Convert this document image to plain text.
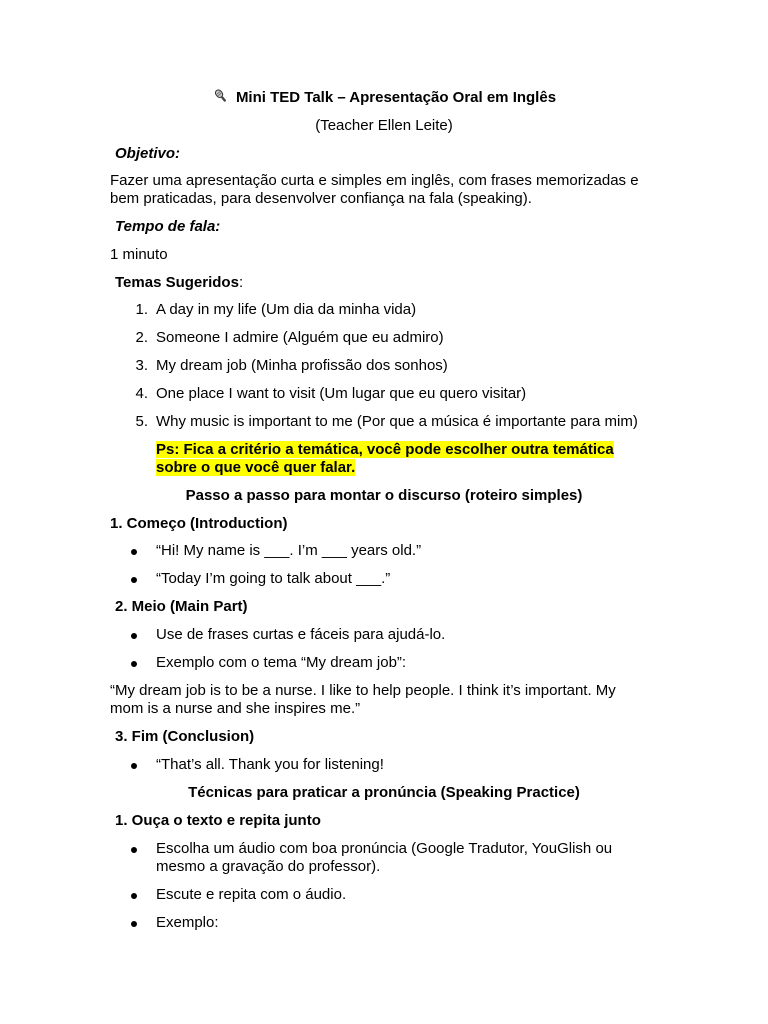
Mini TED Talk – Apresentação Oral em Inglês
(Teacher Ellen Leite)
Objetivo:
Fazer uma apresentação curta e simples em inglês, com frases memorizadas e bem praticadas, para desenvolver confiança na fala (speaking).
Tempo de fala:
1 minuto
Temas Sugeridos:
1. A day in my life (Um dia da minha vida)
2. Someone I admire (Alguém que eu admiro)
3. My dream job (Minha profissão dos sonhos)
4. One place I want to visit (Um lugar que eu quero visitar)
5. Why music is important to me (Por que a música é importante para mim)
Ps: Fica a critério a temática, você pode escolher outra temática
sobre o que você quer falar.
Passo a passo para montar o discurso (roteiro simples)
1. Começo (Introduction)
“Hi! My name is ___. I’m ___ years old.”
“Today I’m going to talk about ___.”
2. Meio (Main Part)
Use de frases curtas e fáceis para ajudá-lo.
Exemplo com o tema “My dream job”:
“My dream job is to be a nurse. I like to help people. I think it’s important. My mom is a nurse and she inspires me.”
3. Fim (Conclusion)
“That’s all. Thank you for listening!
Técnicas para praticar a pronúncia (Speaking Practice)
1. Ouça o texto e repita junto
Escolha um áudio com boa pronúncia (Google Tradutor, YouGlish ou mesmo a gravação do professor).
Escute e repita com o áudio.
Exemplo:
